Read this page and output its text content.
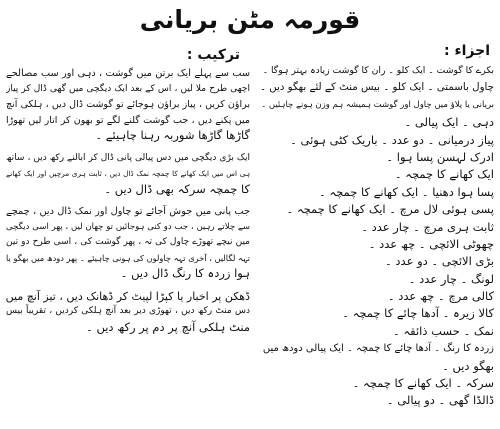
قورمہ مٹن بریانی
اجزاء :
بکرے کا گوشت ۔ ایک کلو ۔ ران کا گوشت زیادہ بہتر ہوگا ۔
چاول باسمتی ۔ ایک کلو ۔ بیس منٹ کے لئے بھگو دیں ۔
بریانی یا پلاؤ میں چاول اور گوشت ہمیشہ ہم وزن ہونے چاہئیں ۔
دہی ۔ ایک پیالی ۔
پیاز درمیانی ۔ دو عدد ۔ باریک کٹی ہوئی ۔
ادرک لہسن پسا ہوا ۔
ایک کھانے کا چمچہ ۔
پسا ہوا دھنیا ۔ ایک کھانے کا چمچہ ۔
پسی ہوئی لال مرچ ۔ ایک کھانے کا چمچہ ۔
ثابت ہری مرچ ۔ چار عدد ۔
چھوٹی الائچی ۔ چھ عدد ۔
بڑی الائچی ۔ دو عدد ۔
لونگ ۔ چار عدد ۔
کالی مرچ ۔ چھ عدد ۔
کالا زیرہ ۔ آدھا چائے کا چمچہ ۔
نمک ۔ حسب ذائقہ ۔
زردہ کا رنگ ۔ آدھا چائے کا چمچہ ۔ ایک پیالی دودھ میں
بھگو دیں ۔
سرکہ ۔ ایک کھانے کا چمچہ ۔
ڈالڈا گھی ۔ دو پیالی ۔
ترکیب :
سب سے پہلے ایک برتن میں گوشت ، دہی اور سب مصالحے
اچھی طرح ملا لیں ، اس کے بعد ایک دیگچی میں گھی ڈال کر پیاز
براؤن کریں ، پیاز براؤن ہوجائے تو گوشت ڈال دیں ، ہلکی آنچ
میں پکنے دیں ، جب گوشت گلنے لگے تو بھون کر اتار لیں تھوڑا
گاڑھا گاڑھا شوربہ رہنا چاہیئے ۔
ایک بڑی دیگچی میں دس پیالی پانی ڈال کر ابالنے رکھ دیں ، ساتھ
ہی اس میں ایک کھانے کا چمچہ نمک ڈال دیں ، ثابت ہری مرچیں اور ایک کھانے
کا چمچہ سرکہ بھی ڈال دیں ۔
جب پانی میں جوش آجائے تو چاول اور نمک ڈال دیں ، چمچے
سے چلاتے رہیں ، جب دو کنی ہوجائیں تو چھان لیں ، پھر اسی دیگچی
میں نیچے تھوڑے چاول کی تہ ، پھر گوشت کی ، اسی طرح دو تین
تہہ لگالیں ، آخری تہہ چاولوں کی ہونی چاہیئے ۔ پھر دودھ میں بھگو یا
ہوا زردہ کا رنگ ڈال دیں ۔
ڈھکن پر اخبار یا کپڑا لپیٹ کر ڈھانک دیں ، تیز آنچ میں
دس منٹ رکھ دیں ، تھوڑی دیر بعد آنچ ہلکی کردیں ، تقریباً بیس
منٹ ہلکی آنچ پر دم پر رکھ دیں ۔
